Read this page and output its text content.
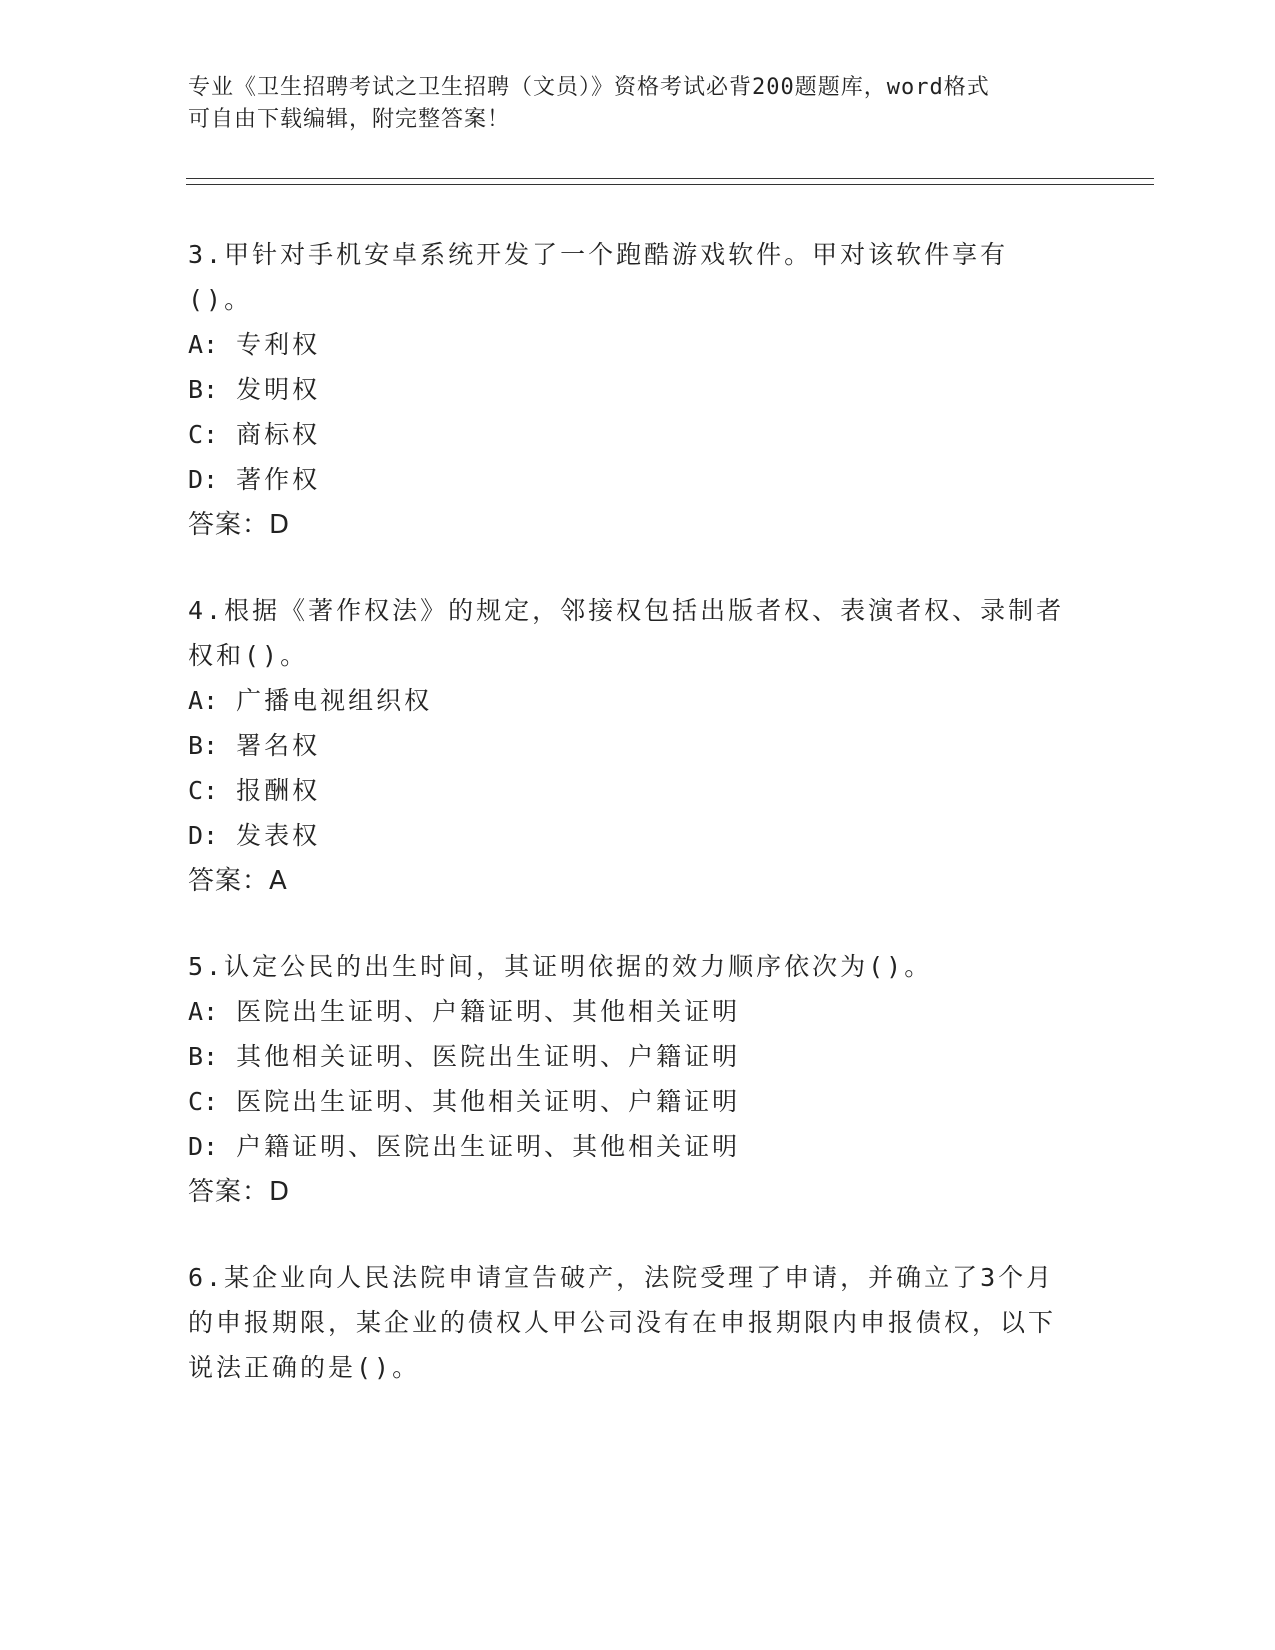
专业《卫生招聘考试之卫生招聘（文员）》资格考试必背200题题库，word格式
可自由下载编辑，附完整答案！
3.甲针对手机安卓系统开发了一个跑酷游戏软件。甲对该软件享有()。
A: 专利权
B: 发明权
C: 商标权
D: 著作权
答案：D
4.根据《著作权法》的规定，邻接权包括出版者权、表演者权、录制者权和()。
A: 广播电视组织权
B: 署名权
C: 报酬权
D: 发表权
答案：A
5.认定公民的出生时间，其证明依据的效力顺序依次为()。
A: 医院出生证明、户籍证明、其他相关证明
B: 其他相关证明、医院出生证明、户籍证明
C: 医院出生证明、其他相关证明、户籍证明
D: 户籍证明、医院出生证明、其他相关证明
答案：D
6.某企业向人民法院申请宣告破产，法院受理了申请，并确立了3个月的申报期限，某企业的债权人甲公司没有在申报期限内申报债权，以下说法正确的是()。
